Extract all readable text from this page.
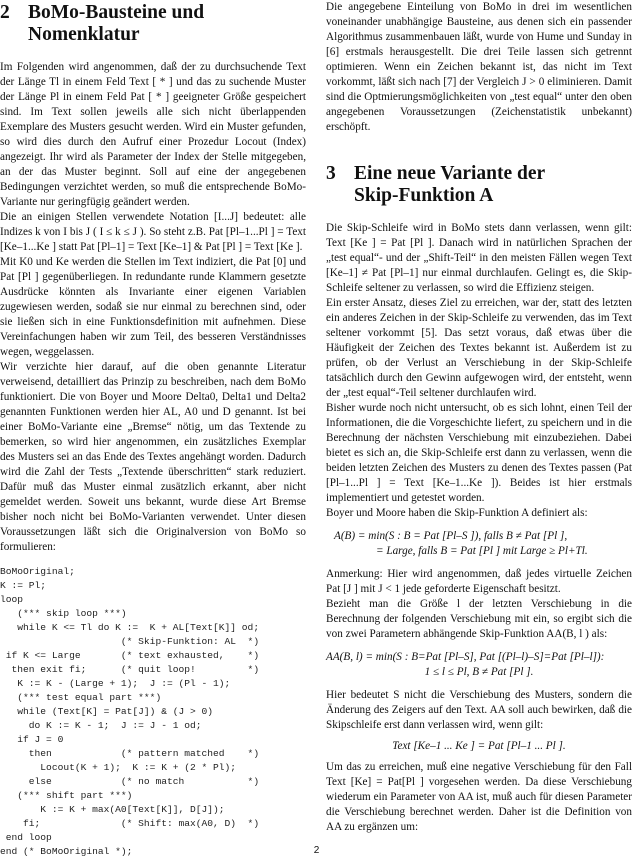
2 BoMo-Bausteine und Nomenklatur

Im Folgenden wird angenommen, daß der zu durchsuchende Text der Länge Tl in einem Feld Text [ * ] und das zu suchende Muster der Länge Pl in einem Feld Pat [ * ] geeigneter Größe gespeichert sind. Im Text sollen jeweils alle sich nicht überlappenden Exemplare des Musters gesucht werden. Wird ein Muster gefunden, so wird dies durch den Aufruf einer Prozedur Locout (Index) angezeigt. Ihr wird als Parameter der Index der Stelle mitgegeben, an der das Muster beginnt. Soll auf eine der angegebenen Bedingungen verzichtet werden, so muß die entsprechende BoMo-Variante nur geringfügig geändert werden.

Die an einigen Stellen verwendete Notation [I...J] bedeutet: alle Indizes k von I bis J ( I ≤ k ≤ J ). So steht z.B. Pat [Pl–1...Pl ] = Text [Ke–1...Ke ] statt Pat [Pl–1] = Text [Ke–1] & Pat [Pl ] = Text [Ke ].

Mit K0 und Ke werden die Stellen im Text indiziert, die Pat [0] und Pat [Pl ] gegenüberliegen. In redundante runde Klammern gesetzte Ausdrücke könnten als Invariante einer eigenen Variablen zugewiesen werden, sodaß sie nur einmal zu berechnen sind, oder sie ließen sich in eine Funktionsdefinition mit aufnehmen. Diese Vereinfachungen haben wir zum Teil, des besseren Verständnisses wegen, weggelassen.

Wir verzichte hier darauf, auf die oben genannte Literatur verweisend, detailliert das Prinzip zu beschreiben, nach dem BoMo funktioniert. Die von Boyer und Moore Delta0, Delta1 und Delta2 genannten Funktionen werden hier AL, A0 und D genannt. Ist bei einer BoMo-Variante eine „Bremse“ nötig, um das Textende zu bemerken, so wird hier angenommen, ein zusätzliches Exemplar des Musters sei an das Ende des Textes angehängt worden. Dadurch wird die Zahl der Tests „Textende überschritten“ stark reduziert. Dafür muß das Muster einmal zusätzlich erkannt, aber nicht gemeldet werden. Soweit uns bekannt, wurde diese Art Bremse bisher noch nicht bei BoMo-Varianten verwendet. Unter diesen Voraussetzungen läßt sich die Originalversion von BoMo so formulieren:

BoMoOriginal;
K := Pl;
loop
(*** skip loop ***)
while K <= Tl do K :=  K + AL[Text[K]] od;
(* Skip-Funktion: AL  *)
if K <= Large       (* text exhausted,    *)
then exit fi;      (* quit loop!         *)
K := K - (Large + 1);  J := (Pl - 1);
(*** test equal part ***)
while (Text[K] = Pat[J]) & (J > 0)
do K := K - 1;  J := J - 1 od;
if J = 0
then            (* pattern matched    *)
Locout(K + 1);  K := K + (2 * Pl);
else            (* no match           *)
(*** shift part ***)
K := K + max(A0[Text[K]], D[J]);
fi;              (* Shift: max(A0, D)  *)
end loop
end (* BoMoOriginal *);

Die angegebene Einteilung von BoMo in drei im wesentlichen voneinander unabhängige Bausteine, aus denen sich ein passender Algorithmus zusammenbauen läßt, wurde von Hume und Sunday in [6] erstmals herausgestellt. Die drei Teile lassen sich getrennt optimieren. Wenn ein Zeichen bekannt ist, das nicht im Text vorkommt, läßt sich nach [7] der Vergleich J > 0 eliminieren. Damit sind die Optmierungsmöglichkeiten von „test equal“ unter den oben angegebenen Voraussetzungen (Zeichenstatistik unbekannt) erschöpft.

3 Eine neue Variante der
Skip-Funktion A

Die Skip-Schleife wird in BoMo stets dann verlassen, wenn gilt: Text [Ke ] = Pat [Pl ]. Danach wird in natürlichen Sprachen der „test equal“- und der „Shift-Teil“ in den meisten Fällen wegen Text [Ke–1] ≠ Pat [Pl–1] nur einmal durchlaufen. Gelingt es, die Skip-Schleife seltener zu verlassen, so wird die Effizienz steigen.

Ein erster Ansatz, dieses Ziel zu erreichen, war der, statt des letzten ein anderes Zeichen in der Skip-Schleife zu verwenden, das im Text seltener vorkommt [5]. Das setzt voraus, daß etwas über die Häufigkeit der Zeichen des Textes bekannt ist. Außerdem ist zu prüfen, ob der Verlust an Verschiebung in der Skip-Schleife tatsächlich durch den Gewinn aufgewogen wird, der entsteht, wenn der „test equal“-Teil seltener durchlaufen wird.

Bisher wurde noch nicht untersucht, ob es sich lohnt, einen Teil der Informationen, die die Vorgeschichte liefert, zu speichern und in die Berechnung der nächsten Verschiebung mit einzubeziehen. Dabei bietet es sich an, die Skip-Schleife erst dann zu verlassen, wenn die beiden letzten Zeichen des Musters zu denen des Textes passen (Pat [Pl–1...Pl ] = Text [Ke–1...Ke ]). Beides ist hier erstmals implementiert und getestet worden.

Boyer und Moore haben die Skip-Funktion A definiert als:

A(B) = min(S : B = Pat [Pl–S ]), falls B ≠ Pat [Pl ],
= Large, falls B = Pat [Pl ] mit Large ≥ Pl+Tl.

Anmerkung: Hier wird angenommen, daß jedes virtuelle Zeichen Pat [J ] mit J < 1 jede geforderte Eigenschaft besitzt.

Bezieht man die Größe l der letzten Verschiebung in die Berechnung der folgenden Verschiebung mit ein, so ergibt sich die von zwei Parametern abhängende Skip-Funktion AA(B, l ) als:

AA(B, l) = min(S : B=Pat [Pl–S], Pat [(Pl–l)–S]=Pat [Pl–l]):
1 ≤ l ≤ Pl, B ≠ Pat [Pl ].

Hier bedeutet S nicht die Verschiebung des Musters, sondern die Änderung des Zeigers auf den Text. AA soll auch bewirken, daß die Skipschleife erst dann verlassen wird, wenn gilt:

Text [Ke–1 ... Ke ] = Pat [Pl–1 ... Pl ].

Um das zu erreichen, muß eine negative Verschiebung für den Fall Text [Ke] = Pat[Pl ] vorgesehen werden. Da diese Verschiebung wiederum ein Parameter von AA ist, muß auch für diesen Parameter die Verschiebung berechnet werden. Daher ist die Definition von AA zu ergänzen um:

2
